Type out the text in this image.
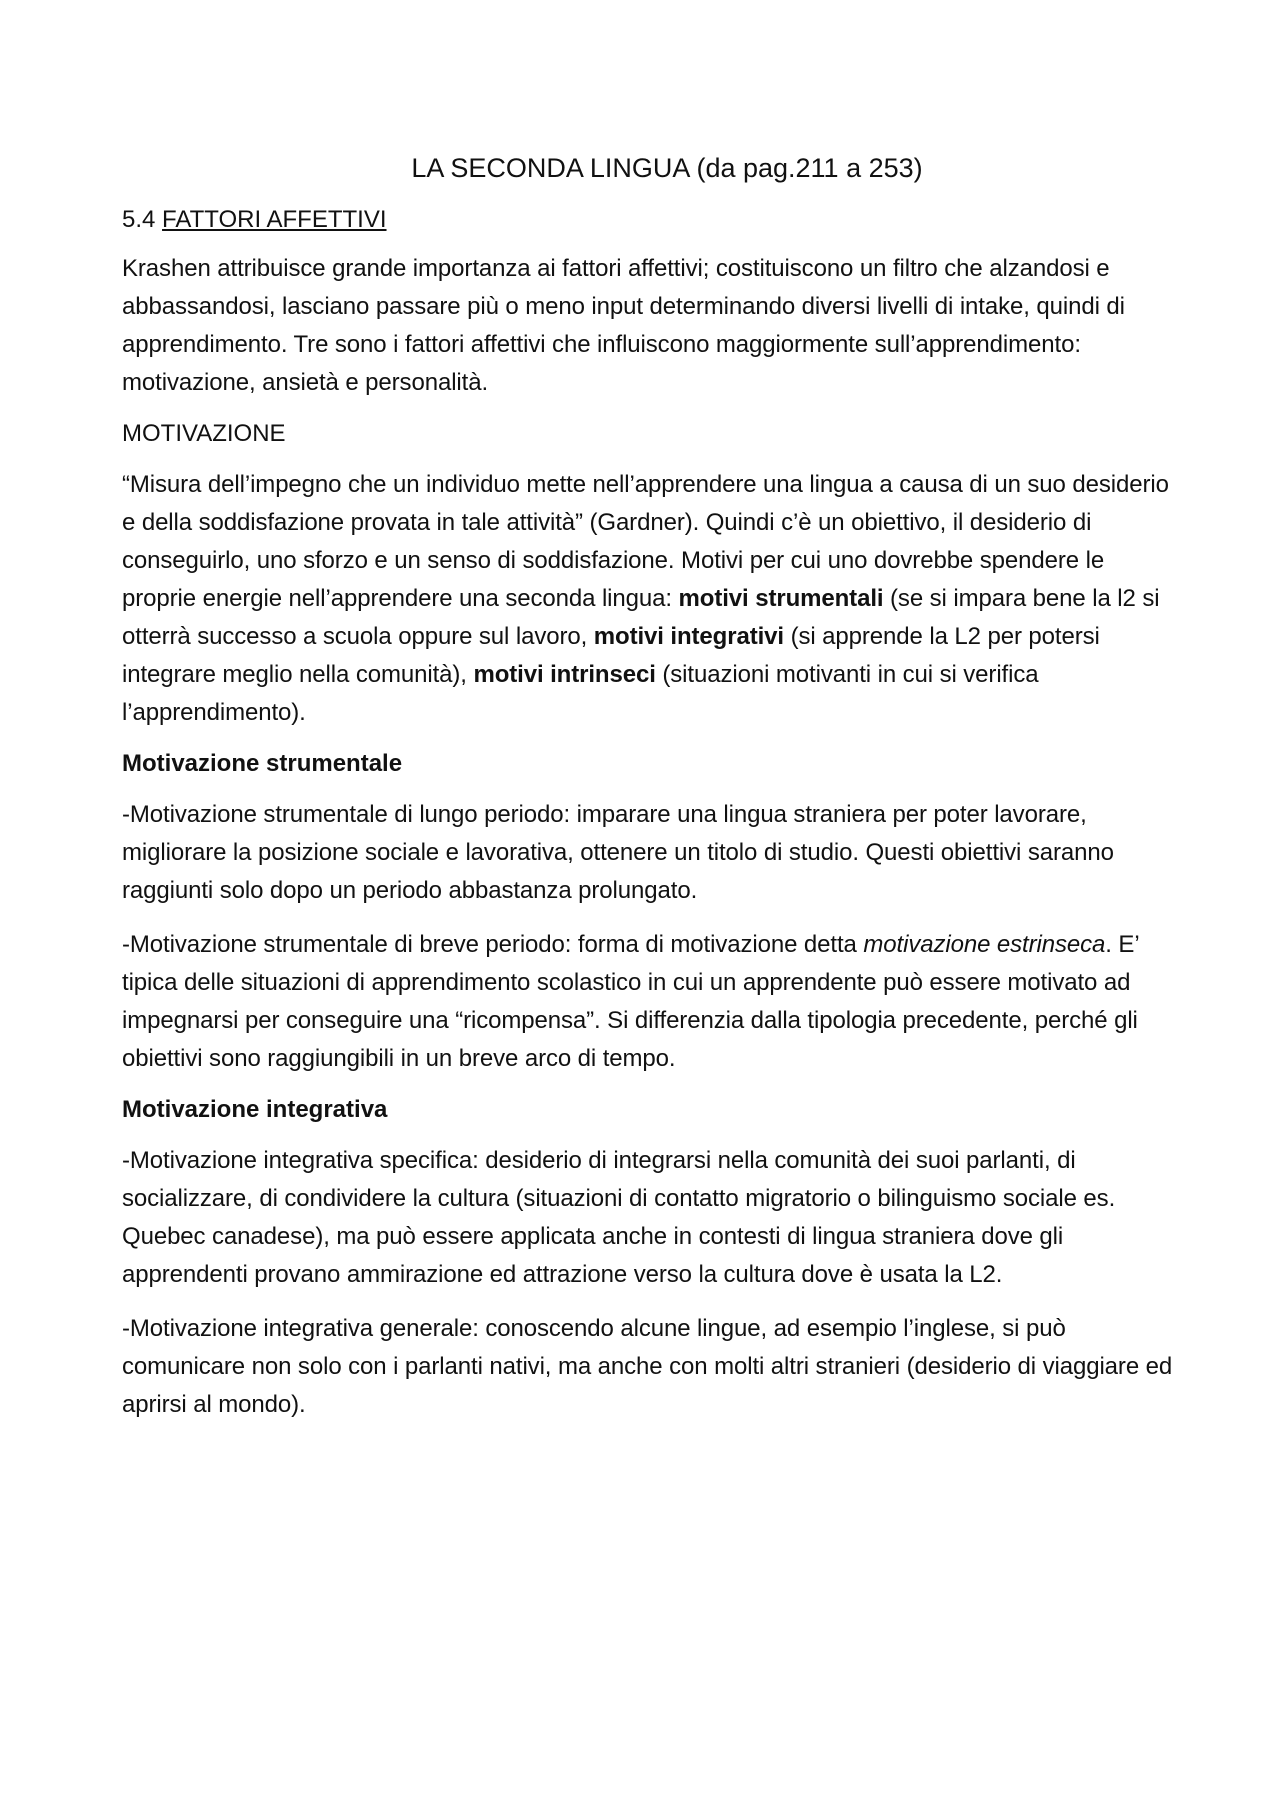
LA SECONDA LINGUA (da pag.211 a 253)
5.4 FATTORI AFFETTIVI

Krashen attribuisce grande importanza ai fattori affettivi; costituiscono un filtro che alzandosi e abbassandosi, lasciano passare più o meno input determinando diversi livelli di intake, quindi di apprendimento. Tre sono i fattori affettivi che influiscono maggiormente sull’apprendimento: motivazione, ansietà e personalità.

MOTIVAZIONE

“Misura dell’impegno che un individuo mette nell’apprendere una lingua a causa di un suo desiderio e della soddisfazione provata in tale attività” (Gardner). Quindi c’è un obiettivo, il desiderio di conseguirlo, uno sforzo e un senso di soddisfazione. Motivi per cui uno dovrebbe spendere le proprie energie nell’apprendere una seconda lingua: motivi strumentali (se si impara bene la l2 si otterrà successo a scuola oppure sul lavoro, motivi integrativi (si apprende la L2 per potersi integrare meglio nella comunità), motivi intrinseci (situazioni motivanti in cui si verifica l’apprendimento).

Motivazione strumentale

-Motivazione strumentale di lungo periodo: imparare una lingua straniera per poter lavorare, migliorare la posizione sociale e lavorativa, ottenere un titolo di studio. Questi obiettivi saranno raggiunti solo dopo un periodo abbastanza prolungato.

-Motivazione strumentale di breve periodo: forma di motivazione detta motivazione estrinseca. E’ tipica delle situazioni di apprendimento scolastico in cui un apprendente può essere motivato ad impegnarsi per conseguire una “ricompensa”. Si differenzia dalla tipologia precedente, perché gli obiettivi sono raggiungibili in un breve arco di tempo.

Motivazione integrativa

-Motivazione integrativa specifica: desiderio di integrarsi nella comunità dei suoi parlanti, di socializzare, di condividere la cultura (situazioni di contatto migratorio o bilinguismo sociale es. Quebec canadese), ma può essere applicata anche in contesti di lingua straniera dove gli apprendenti provano ammirazione ed attrazione verso la cultura dove è usata la L2.

-Motivazione integrativa generale: conoscendo alcune lingue, ad esempio l’inglese, si può comunicare non solo con i parlanti nativi, ma anche con molti altri stranieri (desiderio di viaggiare ed aprirsi al mondo).
